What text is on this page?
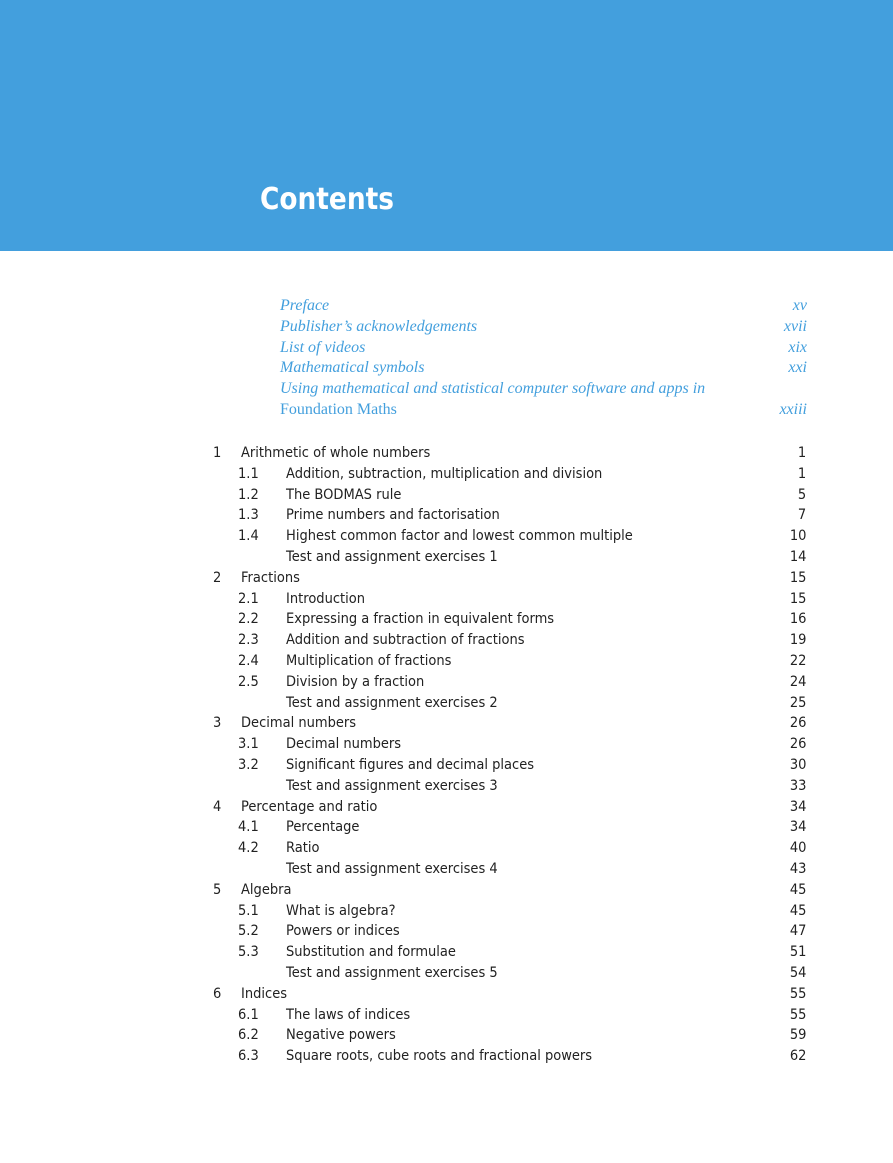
Contents
Preface	xv
Publisher’s acknowledgements	xvii
List of videos	xix
Mathematical symbols	xxi
Using mathematical and statistical computer software and apps in
Foundation Maths	xxiii
1 Arithmetic of whole numbers	1
1.1 Addition, subtraction, multiplication and division	1
1.2 The BODMAS rule	5
1.3 Prime numbers and factorisation	7
1.4 Highest common factor and lowest common multiple	10
Test and assignment exercises 1	14
2 Fractions	15
2.1 Introduction	15
2.2 Expressing a fraction in equivalent forms	16
2.3 Addition and subtraction of fractions	19
2.4 Multiplication of fractions	22
2.5 Division by a fraction	24
Test and assignment exercises 2	25
3 Decimal numbers	26
3.1 Decimal numbers	26
3.2 Significant figures and decimal places	30
Test and assignment exercises 3	33
4 Percentage and ratio	34
4.1 Percentage	34
4.2 Ratio	40
Test and assignment exercises 4	43
5 Algebra	45
5.1 What is algebra?	45
5.2 Powers or indices	47
5.3 Substitution and formulae	51
Test and assignment exercises 5	54
6 Indices	55
6.1 The laws of indices	55
6.2 Negative powers	59
6.3 Square roots, cube roots and fractional powers	62
